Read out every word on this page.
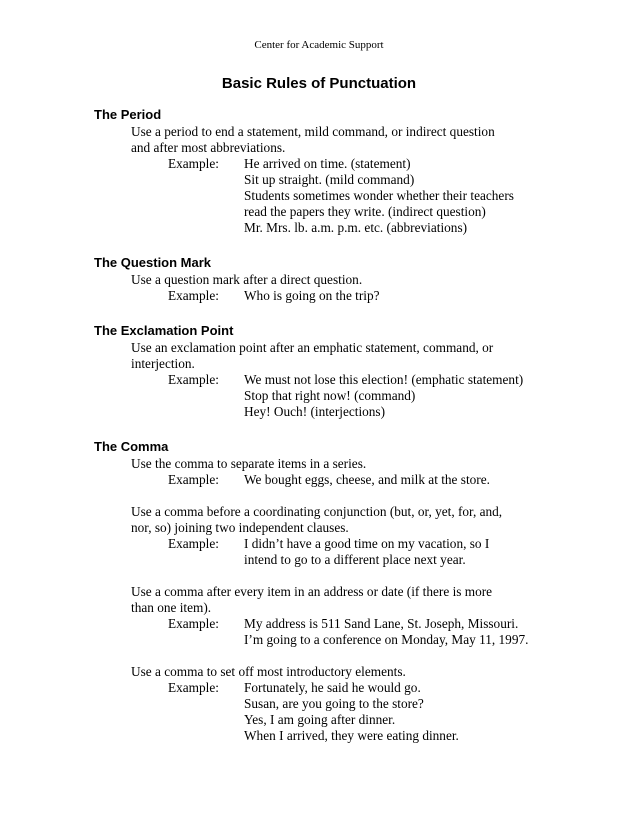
Center for Academic Support
Basic Rules of Punctuation
The Period
Use a period to end a statement, mild command, or indirect question
and after most abbreviations.
Example:	He arrived on time. (statement)
Sit up straight. (mild command)
Students sometimes wonder whether their teachers
read the papers they write. (indirect question)
Mr. Mrs. lb. a.m. p.m. etc. (abbreviations)
The Question Mark
Use a question mark after a direct question.
Example:	Who is going on the trip?
The Exclamation Point
Use an exclamation point after an emphatic statement, command, or
interjection.
Example:	We must not lose this election! (emphatic statement)
Stop that right now! (command)
Hey! Ouch! (interjections)
The Comma
Use the comma to separate items in a series.
Example:	We bought eggs, cheese, and milk at the store.
Use a comma before a coordinating conjunction (but, or, yet, for, and,
nor, so) joining two independent clauses.
Example:	I didn’t have a good time on my vacation, so I
intend to go to a different place next year.
Use a comma after every item in an address or date (if there is more
than one item).
Example:	My address is 511 Sand Lane, St. Joseph, Missouri.
I’m going to a conference on Monday, May 11, 1997.
Use a comma to set off most introductory elements.
Example:	Fortunately, he said he would go.
Susan, are you going to the store?
Yes, I am going after dinner.
When I arrived, they were eating dinner.
